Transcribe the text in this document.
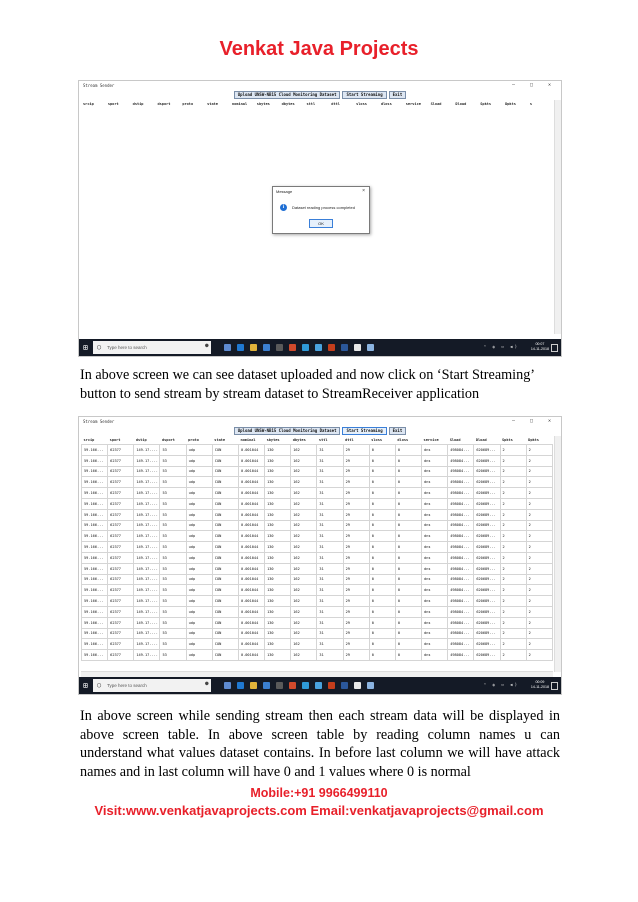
Venkat Java Projects
Stream Sender	– □ ✕
Upload UNSW-NB15 Cloud Monitoring Dataset	Start Streaming	Exit
srcip	sport	dstip	dsport	proto	state	nominal	sbytes	dbytes	sttl	dttl	sloss	dloss	service	Sload	Dload	Spkts	Dpkts	s
Message	×
i	Dataset reading process completed
OK
⊞ ○ Type here to search	●	⌃ ◍ ▭ ◀)	00:07
14-11-2018
In above screen we can see dataset uploaded and now click on ‘Start Streaming’ button to send stream by stream dataset to StreamReceiver application
Stream Sender	– □ ✕
Upload UNSW-NB15 Cloud Monitoring Dataset	Start Streaming	Exit
srcip	sport	dstip	dsport	proto	state	nominal	sbytes	dbytes	sttl	dttl	sloss	dloss	service	Sload	Dload	Spkts	Dpkts
59.166...	62377	149.17....	53	udp	CON	0.001044	130	162	31	29	0	0	dns	498084...	620689...	2	2
59.166...	62377	149.17....	53	udp	CON	0.001044	130	162	31	29	0	0	dns	498084...	620689...	2	2
59.166...	62377	149.17....	53	udp	CON	0.001044	130	162	31	29	0	0	dns	498084...	620689...	2	2
59.166...	62377	149.17....	53	udp	CON	0.001044	130	162	31	29	0	0	dns	498084...	620689...	2	2
59.166...	62377	149.17....	53	udp	CON	0.001044	130	162	31	29	0	0	dns	498084...	620689...	2	2
59.166...	62377	149.17....	53	udp	CON	0.001044	130	162	31	29	0	0	dns	498084...	620689...	2	2
59.166...	62377	149.17....	53	udp	CON	0.001044	130	162	31	29	0	0	dns	498084...	620689...	2	2
59.166...	62377	149.17....	53	udp	CON	0.001044	130	162	31	29	0	0	dns	498084...	620689...	2	2
59.166...	62377	149.17....	53	udp	CON	0.001044	130	162	31	29	0	0	dns	498084...	620689...	2	2
59.166...	62377	149.17....	53	udp	CON	0.001044	130	162	31	29	0	0	dns	498084...	620689...	2	2
59.166...	62377	149.17....	53	udp	CON	0.001044	130	162	31	29	0	0	dns	498084...	620689...	2	2
59.166...	62377	149.17....	53	udp	CON	0.001044	130	162	31	29	0	0	dns	498084...	620689...	2	2
59.166...	62377	149.17....	53	udp	CON	0.001044	130	162	31	29	0	0	dns	498084...	620689...	2	2
59.166...	62377	149.17....	53	udp	CON	0.001044	130	162	31	29	0	0	dns	498084...	620689...	2	2
59.166...	62377	149.17....	53	udp	CON	0.001044	130	162	31	29	0	0	dns	498084...	620689...	2	2
59.166...	62377	149.17....	53	udp	CON	0.001044	130	162	31	29	0	0	dns	498084...	620689...	2	2
59.166...	62377	149.17....	53	udp	CON	0.001044	130	162	31	29	0	0	dns	498084...	620689...	2	2
59.166...	62377	149.17....	53	udp	CON	0.001044	130	162	31	29	0	0	dns	498084...	620689...	2	2
59.166...	62377	149.17....	53	udp	CON	0.001044	130	162	31	29	0	0	dns	498084...	620689...	2	2
59.166...	62377	149.17....	53	udp	CON	0.001044	130	162	31	29	0	0	dns	498084...	620689...	2	2
⊞ ○ Type here to search	●	⌃ ◍ ▭ ◀)	00:09
14-11-2018
In above screen while sending stream then each stream data will be displayed in above screen table. In above screen table by reading column names u can understand what values dataset contains. In before last column we will have attack names and in last column will have 0 and 1 values where 0 is normal
Mobile:+91 9966499110
Visit:www.venkatjavaprojects.com Email:venkatjavaprojects@gmail.com
